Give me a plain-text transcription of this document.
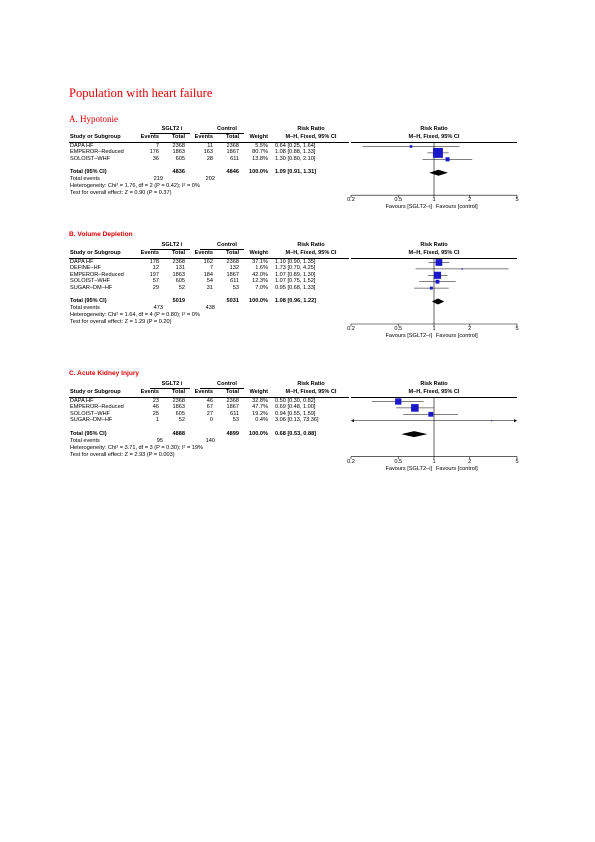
Population with heart failure
A. Hypotonie
SGLT2 i	Control	Risk Ratio	Risk Ratio
Study or Subgroup	Events Total Events Total Weight	M–H, Fixed, 95% CI	M–H, Fixed, 95% CI
DAPA HF	7 2368	11 2368	5.5% 0.64 [0.25, 1.64]
EMPEROR–Reduced	176 1863	163 1867 80.7% 1.08 [0.88, 1.33]
SOLOIST–WHF	36	605	28	611 13.8% 1.30 [0.80, 2.10]
Total (95% CI)	4836	4846 100.0% 1.09 [0.91, 1.31]
Total events	219	202
Heterogeneity: Chi² = 1.76, df = 2 (P = 0.42); I² = 0%
Test for overall effect: Z = 0.90 (P = 0.37)
0.2	0.5	1	2	5
Favours [SGLT2–i] Favours [control]
B. Volume Depletion
SGLT2 i	Control	Risk Ratio	Risk Ratio
Study or Subgroup	Events Total Events Total Weight	M–H, Fixed, 95% CI	M–H, Fixed, 95% CI
DAPA HF	178 2368	162 2368 37.1% 1.10 [0.90, 1.35]
DEFINE–HF	12	131	7	132	1.6% 1.73 [0.70, 4.25]
EMPEROR–Reduced	197 1863	184 1867 42.0% 1.07 [0.89, 1.30]
SOLOIST–WHF	57	605	54	611 12.3% 1.07 [0.75, 1.52]
SUGAR–DM–HF	29	52	31	53	7.0% 0.95 [0.68, 1.33]
Total (95% CI)	5019	5031 100.0% 1.08 [0.96, 1.22]
Total events	473	438
Heterogeneity: Chi² = 1.64, df = 4 (P = 0.80); I² = 0%
Test for overall effect: Z = 1.29 (P = 0.20)
0.2	0.5	1	2	5
Favours [SGLT2–i] Favours [control]
C. Acute Kidney Injury
SGLT2 i	Control	Risk Ratio	Risk Ratio
Study or Subgroup	Events Total Events Total Weight	M–H, Fixed, 95% CI	M–H, Fixed, 95% CI
DAPA HF	23 2368	46 2368 32.8% 0.50 [0.30, 0.82]
EMPEROR–Reduced	46 1863	67 1867 47.7% 0.69 [0.48, 1.00]
SOLOIST–WHF	25	605	27	611 19.2% 0.94 [0.55, 1.59]
SUGAR–DM–HF	1	52	0	53	0.4% 3.06 [0.13, 73.36]
Total (95% CI)	4888	4899 100.0% 0.68 [0.53, 0.88]
Total events	95	140
Heterogeneity: Chi² = 3.71, df = 3 (P = 0.30); I² = 19%
Test for overall effect: Z = 2.93 (P = 0.003)
0.2	0.5	1	2	5
Favours [SGLT2–i] Favours [control]
